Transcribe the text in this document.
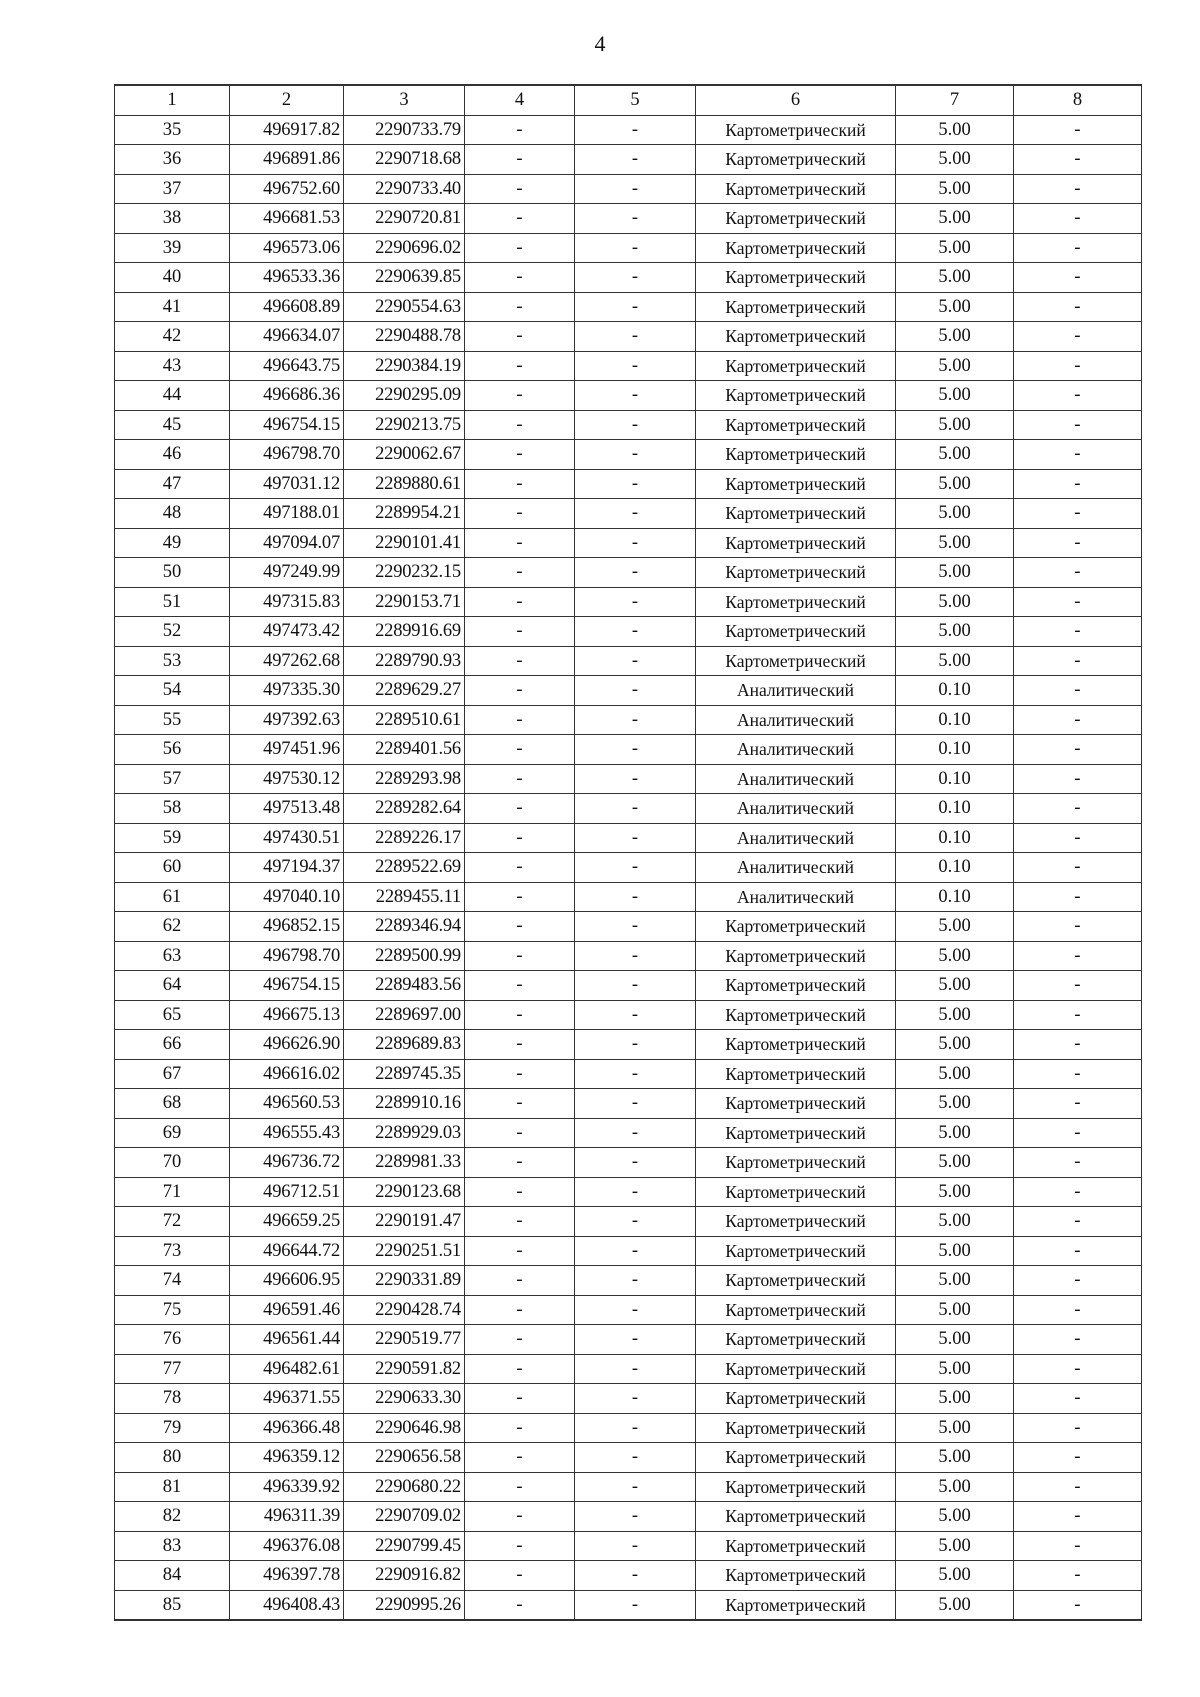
4
1	2	3	4	5	6	7	8
35	496917.82	2290733.79	-	-	Картометрический	5.00	-
36	496891.86	2290718.68	-	-	Картометрический	5.00	-
37	496752.60	2290733.40	-	-	Картометрический	5.00	-
38	496681.53	2290720.81	-	-	Картометрический	5.00	-
39	496573.06	2290696.02	-	-	Картометрический	5.00	-
40	496533.36	2290639.85	-	-	Картометрический	5.00	-
41	496608.89	2290554.63	-	-	Картометрический	5.00	-
42	496634.07	2290488.78	-	-	Картометрический	5.00	-
43	496643.75	2290384.19	-	-	Картометрический	5.00	-
44	496686.36	2290295.09	-	-	Картометрический	5.00	-
45	496754.15	2290213.75	-	-	Картометрический	5.00	-
46	496798.70	2290062.67	-	-	Картометрический	5.00	-
47	497031.12	2289880.61	-	-	Картометрический	5.00	-
48	497188.01	2289954.21	-	-	Картометрический	5.00	-
49	497094.07	2290101.41	-	-	Картометрический	5.00	-
50	497249.99	2290232.15	-	-	Картометрический	5.00	-
51	497315.83	2290153.71	-	-	Картометрический	5.00	-
52	497473.42	2289916.69	-	-	Картометрический	5.00	-
53	497262.68	2289790.93	-	-	Картометрический	5.00	-
54	497335.30	2289629.27	-	-	Аналитический	0.10	-
55	497392.63	2289510.61	-	-	Аналитический	0.10	-
56	497451.96	2289401.56	-	-	Аналитический	0.10	-
57	497530.12	2289293.98	-	-	Аналитический	0.10	-
58	497513.48	2289282.64	-	-	Аналитический	0.10	-
59	497430.51	2289226.17	-	-	Аналитический	0.10	-
60	497194.37	2289522.69	-	-	Аналитический	0.10	-
61	497040.10	2289455.11	-	-	Аналитический	0.10	-
62	496852.15	2289346.94	-	-	Картометрический	5.00	-
63	496798.70	2289500.99	-	-	Картометрический	5.00	-
64	496754.15	2289483.56	-	-	Картометрический	5.00	-
65	496675.13	2289697.00	-	-	Картометрический	5.00	-
66	496626.90	2289689.83	-	-	Картометрический	5.00	-
67	496616.02	2289745.35	-	-	Картометрический	5.00	-
68	496560.53	2289910.16	-	-	Картометрический	5.00	-
69	496555.43	2289929.03	-	-	Картометрический	5.00	-
70	496736.72	2289981.33	-	-	Картометрический	5.00	-
71	496712.51	2290123.68	-	-	Картометрический	5.00	-
72	496659.25	2290191.47	-	-	Картометрический	5.00	-
73	496644.72	2290251.51	-	-	Картометрический	5.00	-
74	496606.95	2290331.89	-	-	Картометрический	5.00	-
75	496591.46	2290428.74	-	-	Картометрический	5.00	-
76	496561.44	2290519.77	-	-	Картометрический	5.00	-
77	496482.61	2290591.82	-	-	Картометрический	5.00	-
78	496371.55	2290633.30	-	-	Картометрический	5.00	-
79	496366.48	2290646.98	-	-	Картометрический	5.00	-
80	496359.12	2290656.58	-	-	Картометрический	5.00	-
81	496339.92	2290680.22	-	-	Картометрический	5.00	-
82	496311.39	2290709.02	-	-	Картометрический	5.00	-
83	496376.08	2290799.45	-	-	Картометрический	5.00	-
84	496397.78	2290916.82	-	-	Картометрический	5.00	-
85	496408.43	2290995.26	-	-	Картометрический	5.00	-
